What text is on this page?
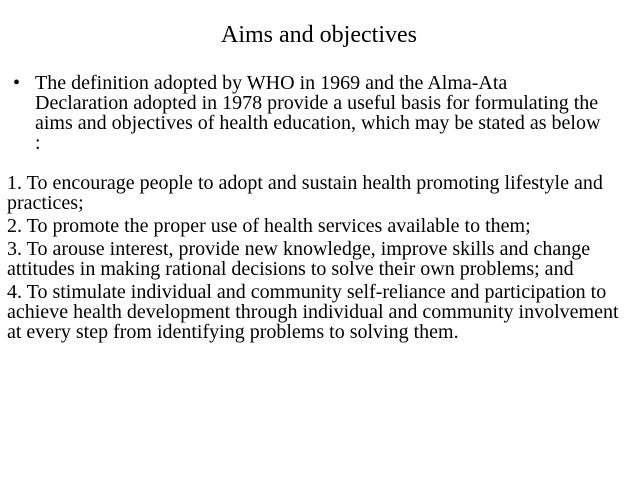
Aims and objectives
• The definition adopted by WHO in 1969 and the Alma-Ata Declaration adopted in 1978 provide a useful basis for formulating the aims and objectives of health education, which may be stated as below :

1. To encourage people to adopt and sustain health promoting lifestyle and practices;

2. To promote the proper use of health services available to them;

3. To arouse interest, provide new knowledge, improve skills and change attitudes in making rational decisions to solve their own problems; and

4. To stimulate individual and community self-reliance and participation to achieve health development through individual and community involvement at every step from identifying problems to solving them.
